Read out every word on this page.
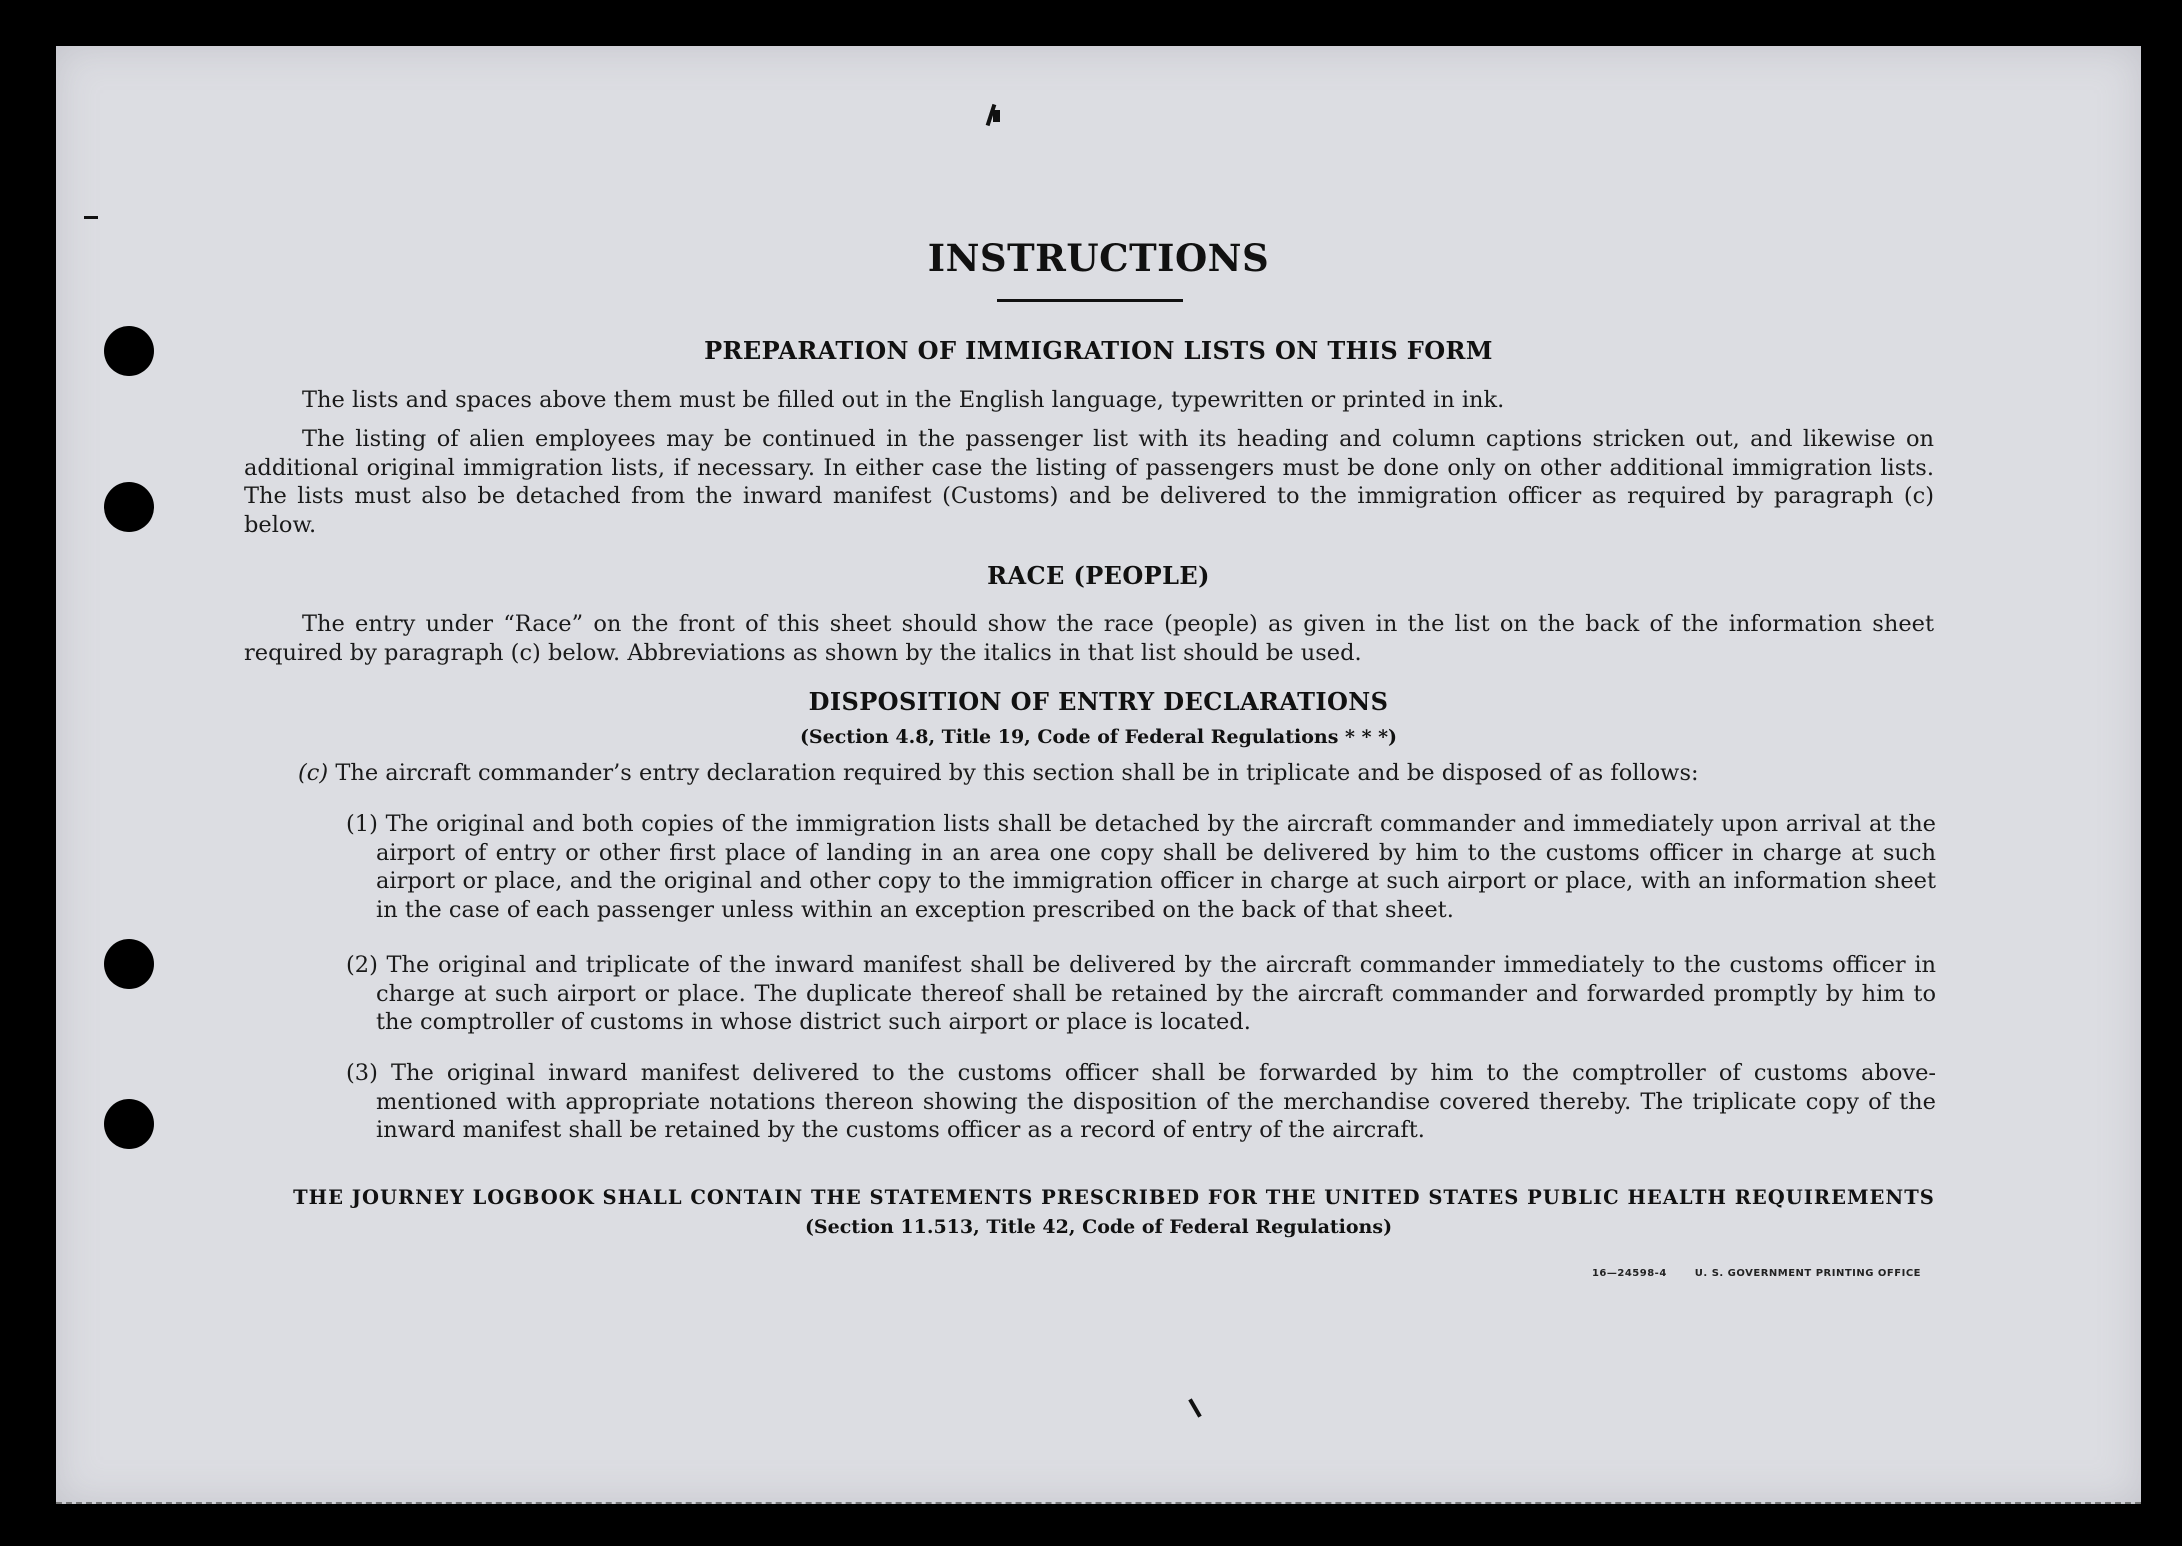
INSTRUCTIONS
PREPARATION OF IMMIGRATION LISTS ON THIS FORM
The lists and spaces above them must be filled out in the English language, typewritten or printed in ink.
The listing of alien employees may be continued in the passenger list with its heading and column captions stricken out, and likewise on additional original immigration lists, if necessary. In either case the listing of passengers must be done only on other additional immigration lists. The lists must also be detached from the inward manifest (Customs) and be delivered to the immigration officer as required by paragraph (c) below.
RACE (PEOPLE)
The entry under “Race” on the front of this sheet should show the race (people) as given in the list on the back of the information sheet required by paragraph (c) below. Abbreviations as shown by the italics in that list should be used.
DISPOSITION OF ENTRY DECLARATIONS
(Section 4.8, Title 19, Code of Federal Regulations * * *)
(c) The aircraft commander’s entry declaration required by this section shall be in triplicate and be disposed of as follows:
(1) The original and both copies of the immigration lists shall be detached by the aircraft commander and immediately upon arrival at the airport of entry or other first place of landing in an area one copy shall be delivered by him to the customs officer in charge at such airport or place, and the original and other copy to the immigration officer in charge at such airport or place, with an information sheet in the case of each passenger unless within an exception prescribed on the back of that sheet.
(2) The original and triplicate of the inward manifest shall be delivered by the aircraft commander immediately to the customs officer in charge at such airport or place. The duplicate thereof shall be retained by the aircraft commander and forwarded promptly by him to the comptroller of customs in whose district such airport or place is located.
(3) The original inward manifest delivered to the customs officer shall be forwarded by him to the comptroller of customs above-mentioned with appropriate notations thereon showing the disposition of the merchandise covered thereby. The triplicate copy of the inward manifest shall be retained by the customs officer as a record of entry of the aircraft.
THE JOURNEY LOGBOOK SHALL CONTAIN THE STATEMENTS PRESCRIBED FOR THE UNITED STATES PUBLIC HEALTH REQUIREMENTS
(Section 11.513, Title 42, Code of Federal Regulations)
16—24598‑4	U. S. GOVERNMENT PRINTING OFFICE
